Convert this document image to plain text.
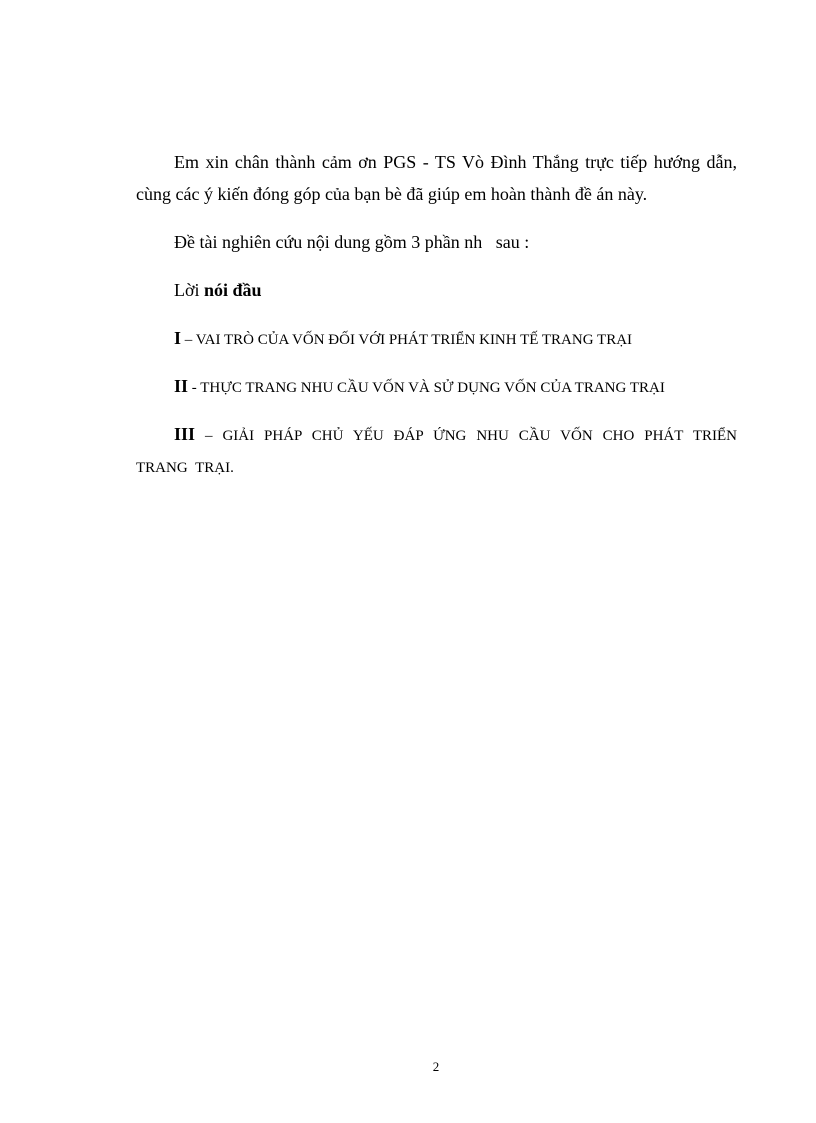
Em xin chân thành cảm ơn PGS - TS Vò Đình Thắng trực tiếp hướng dẫn, cùng các ý kiến đóng góp của bạn bè đã giúp em hoàn thành đề án này.

Đề tài nghiên cứu nội dung gồm 3 phần nh   sau :

Lời nói đầu

I – VAI TRÒ CỦA VỐN ĐỐI VỚI PHÁT TRIỂN KINH TẾ TRANG TRẠI

II - THỰC TRANG NHU CẦU VỐN VÀ SỬ DỤNG VỐN CỦA TRANG TRẠI

III – GIẢI PHÁP CHỦ YẾU ĐÁP ỨNG NHU CẦU VỐN CHO PHÁT TRIỂN TRANG TRẠI.

2
